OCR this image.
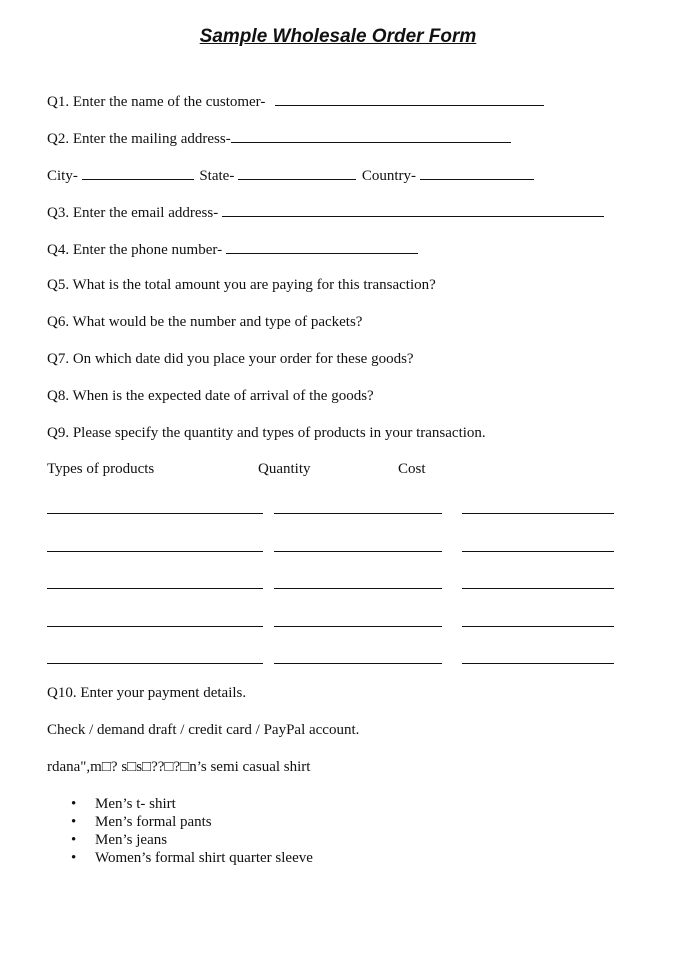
Sample Wholesale Order Form
Q1. Enter the name of the customer-
Q2. Enter the mailing address-
City-	State-	Country-
Q3. Enter the email address-
Q4. Enter the phone number-
Q5. What is the total amount you are paying for this transaction?
Q6. What would be the number and type of packets?
Q7. On which date did you place your order for these goods?
Q8. When is the expected date of arrival of the goods?
Q9. Please specify the quantity and types of products in your transaction.
Types of products	Quantity	Cost
Q10. Enter your payment details.
Check / demand draft / credit card / PayPal account.
rdana",m□? s□s□??□?□n’s semi casual shirt
• Men’s t- shirt
• Men’s formal pants
• Men’s jeans
• Women’s formal shirt quarter sleeve
